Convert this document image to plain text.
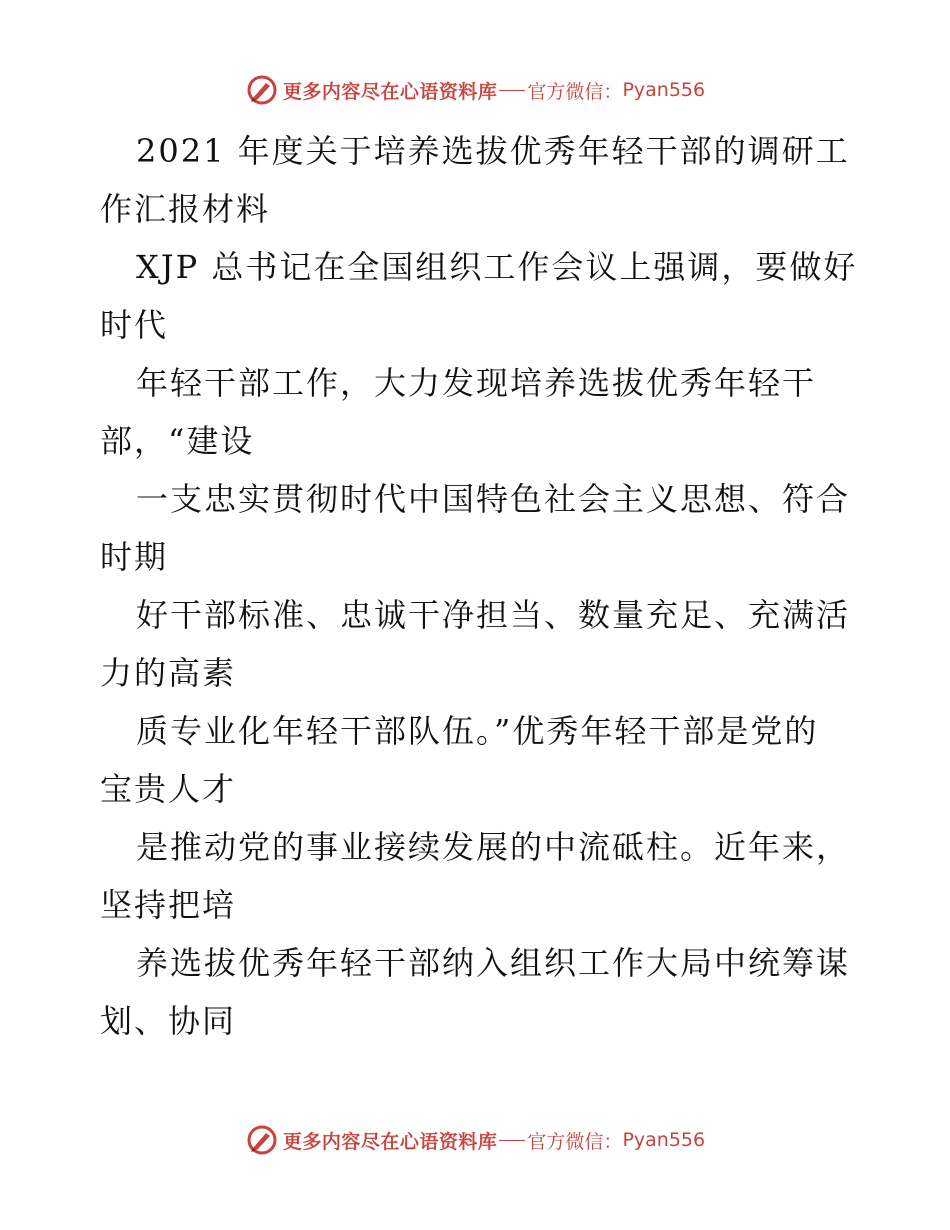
更多内容尽在心语资料库 官方微信： Pyan556
2021 年度关于培养选拔优秀年轻干部的调研工
作汇报材料
XJP 总书记在全国组织工作会议上强调，要做好
时代
年轻干部工作，大力发现培养选拔优秀年轻干
部，“建设
一支忠实贯彻时代中国特色社会主义思想、符合
时期
好干部标准、忠诚干净担当、数量充足、充满活
力的高素
质专业化年轻干部队伍。”优秀年轻干部是党的
宝贵人才
是推动党的事业接续发展的中流砥柱。近年来，
坚持把培
养选拔优秀年轻干部纳入组织工作大局中统筹谋
划、协同
更多内容尽在心语资料库 官方微信： Pyan556
